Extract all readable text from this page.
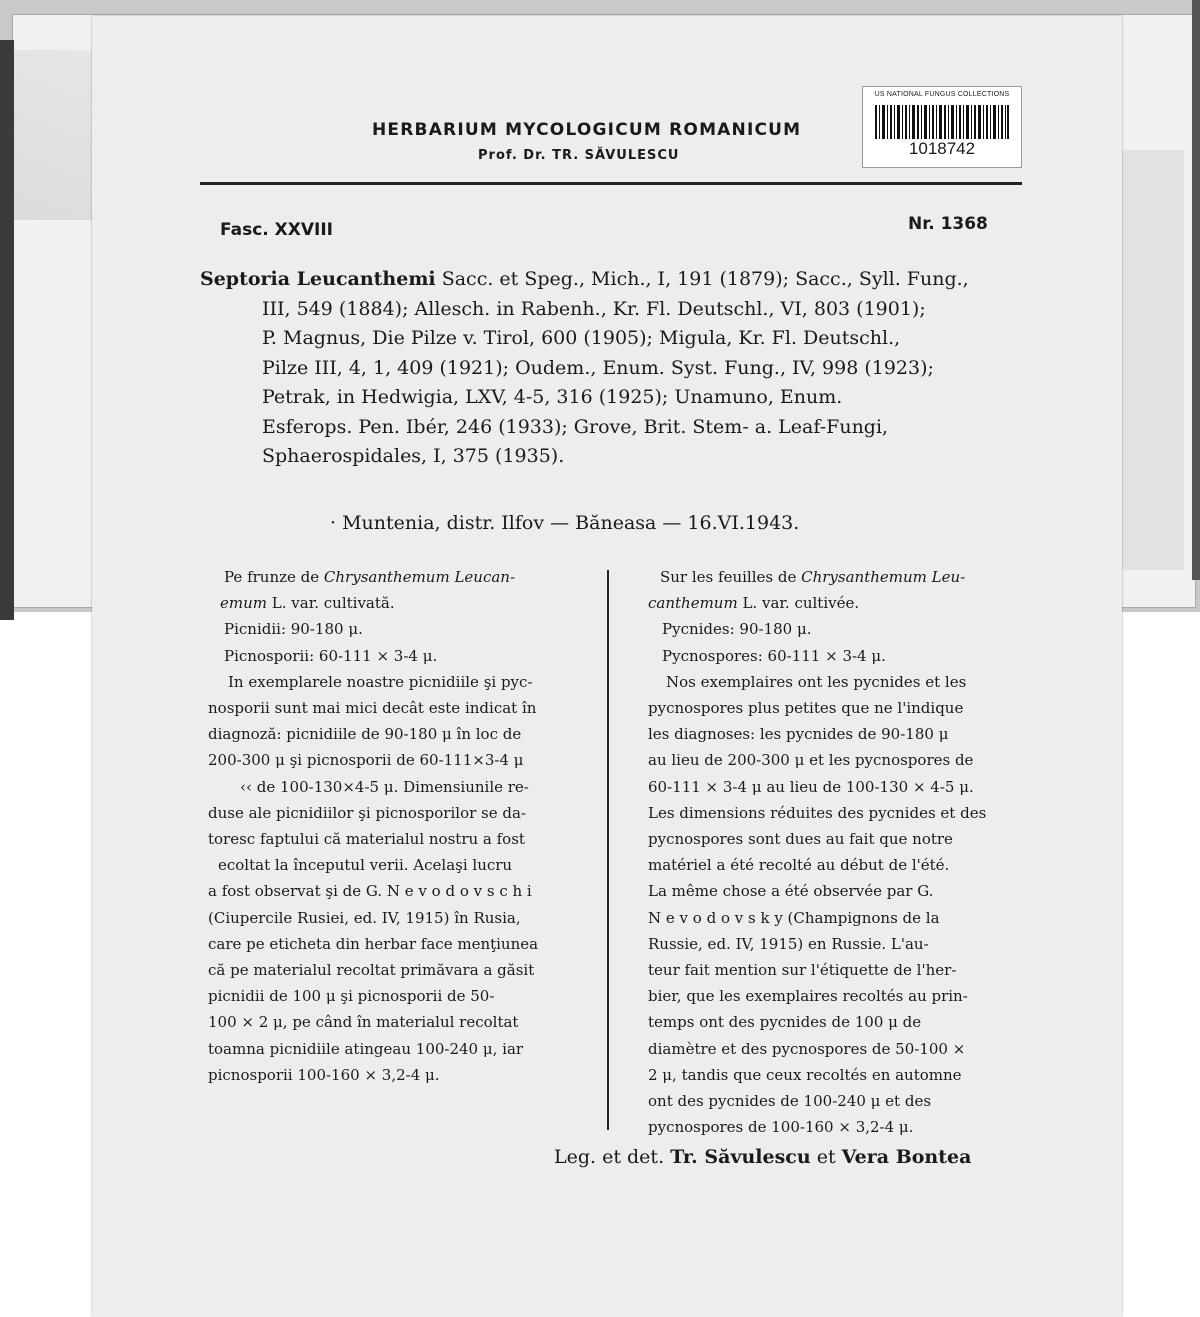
US NATIONAL FUNGUS COLLECTIONS
1018742
HERBARIUM MYCOLOGICUM ROMANICUM
Prof. Dr. TR. SĂVULESCU
Fasc. XXVIII	Nr. 1368
Septoria Leucanthemi Sacc. et Speg., Mich., I, 191 (1879); Sacc., Syll. Fung.,
III, 549 (1884); Allesch. in Rabenh., Kr. Fl. Deutschl., VI, 803 (1901);
P. Magnus, Die Pilze v. Tirol, 600 (1905); Migula, Kr. Fl. Deutschl.,
Pilze III, 4, 1, 409 (1921); Oudem., Enum. Syst. Fung., IV, 998 (1923);
Petrak, in Hedwigia, LXV, 4-5, 316 (1925); Unamuno, Enum.
Esferops. Pen. Ibér, 246 (1933); Grove, Brit. Stem- a. Leaf-Fungi,
Sphaerospidales, I, 375 (1935).
· Muntenia, distr. Ilfov — Băneasa — 16.VI.1943.
Pe frunze de Chrysanthemum Leucan-
emum L. var. cultivată.
Picnidii: 90-180 μ.
Picnosporii: 60-111 × 3-4 μ.
In exemplarele noastre picnidiile şi pyc-
nosporii sunt mai mici decât este indicat în
diagnoză: picnidiile de 90-180 μ în loc de
200-300 μ şi picnosporii de 60-111×3-4 μ
‹‹ de 100-130×4-5 μ. Dimensiunile re-
duse ale picnidiilor şi picnosporilor se da-
toresc faptului că materialul nostru a fost
ecoltat la începutul verii. Acelaşi lucru
a fost observat şi de G. N e v o d o v s c h i
(Ciupercile Rusiei, ed. IV, 1915) în Rusia,
care pe eticheta din herbar face menţiunea
că pe materialul recoltat primăvara a găsit
picnidii de 100 μ şi picnosporii de 50-
100 × 2 μ, pe când în materialul recoltat
toamna picnidiile atingeau 100-240 μ, iar
picnosporii 100-160 × 3,2-4 μ.
Sur les feuilles de Chrysanthemum Leu-
canthemum L. var. cultivée.
Pycnides: 90-180 μ.
Pycnospores: 60-111 × 3-4 μ.
Nos exemplaires ont les pycnides et les
pycnospores plus petites que ne l'indique
les diagnoses: les pycnides de 90-180 μ
au lieu de 200-300 μ et les pycnospores de
60-111 × 3-4 μ au lieu de 100-130 × 4-5 μ.
Les dimensions réduites des pycnides et des
pycnospores sont dues au fait que notre
matériel a été recolté au début de l'été.
La même chose a été observée par G.
N e v o d o v s k y (Champignons de la
Russie, ed. IV, 1915) en Russie. L'au-
teur fait mention sur l'étiquette de l'her-
bier, que les exemplaires recoltés au prin-
temps ont des pycnides de 100 μ de
diamètre et des pycnospores de 50-100 ×
2 μ, tandis que ceux recoltés en automne
ont des pycnides de 100-240 μ et des
pycnospores de 100-160 × 3,2-4 μ.
Leg. et det. Tr. Săvulescu et Vera Bontea
